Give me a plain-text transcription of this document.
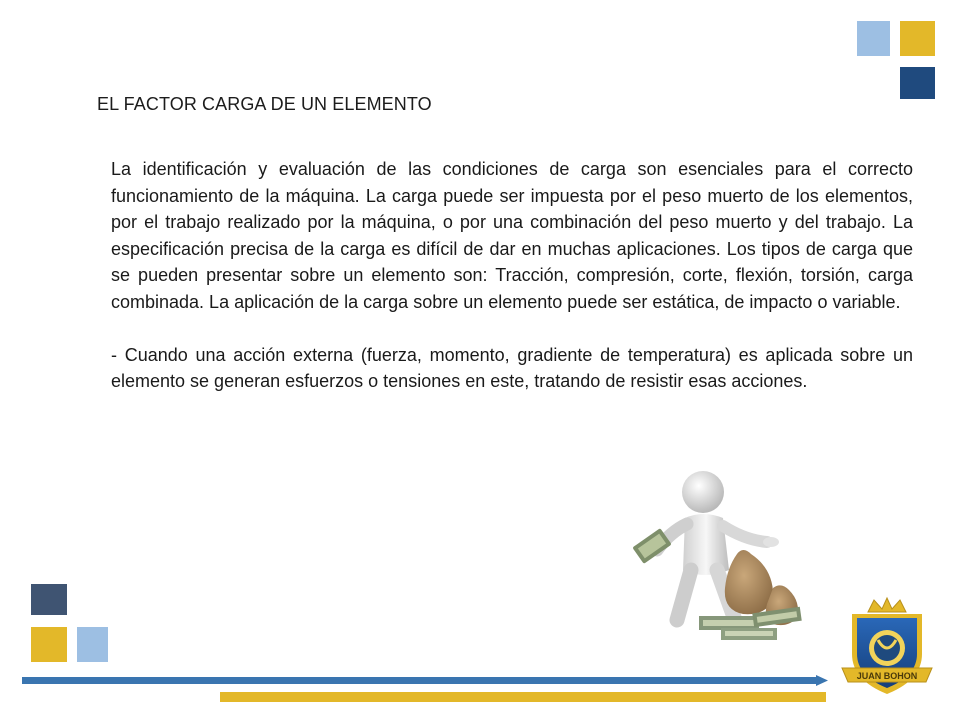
EL FACTOR CARGA DE UN ELEMENTO

La identificación y evaluación de las condiciones de carga son esenciales para el correcto funcionamiento de la máquina. La carga puede ser impuesta por el peso muerto de los elementos, por el trabajo realizado por la máquina, o por una combinación del peso muerto y del trabajo. La especificación precisa de la carga es difícil de dar en muchas aplicaciones. Los tipos de carga que se pueden presentar sobre un elemento son: Tracción, compresión, corte, flexión, torsión, carga combinada. La aplicación de la carga sobre un elemento puede ser estática, de impacto o variable.

- Cuando una acción externa (fuerza, momento, gradiente de temperatura) es aplicada sobre un elemento se generan esfuerzos o tensiones en este, tratando de resistir esas acciones.

JUAN BOHON
